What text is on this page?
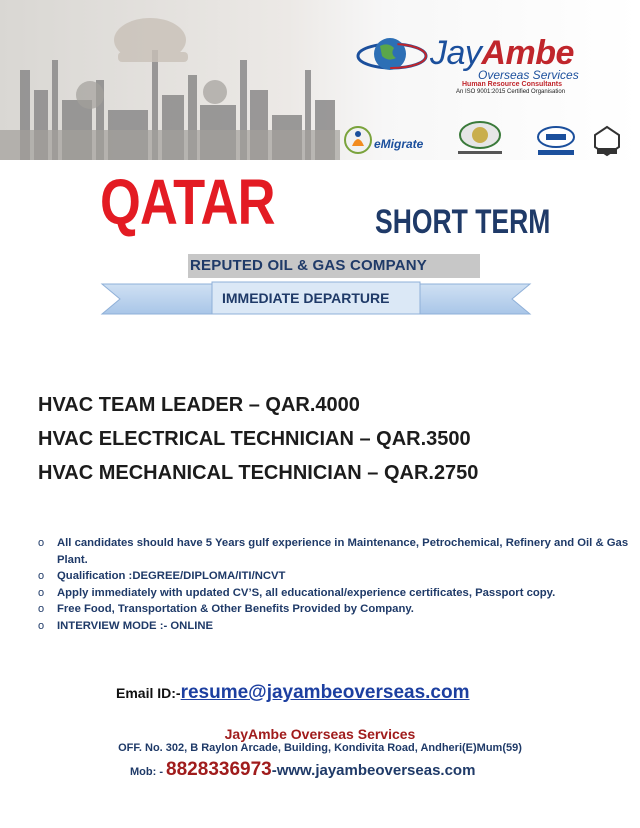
JayAmbe
Overseas Services
Human Resource Consultants
An ISO 9001:2015 Certified Organisation
eMigrate
QATAR	SHORT TERM
REPUTED OIL & GAS COMPANY
IMMEDIATE DEPARTURE
HVAC TEAM LEADER – QAR.4000
HVAC ELECTRICAL TECHNICIAN – QAR.3500
HVAC MECHANICAL TECHNICIAN – QAR.2750
o All candidates should have 5 Years gulf experience in Maintenance, Petrochemical, Refinery and Oil & Gas Plant.
o Qualification :DEGREE/DIPLOMA/ITI/NCVT
o Apply immediately with updated CV’S, all educational/experience certificates, Passport copy.
o Free Food, Transportation & Other Benefits Provided by Company.
o INTERVIEW MODE :- ONLINE
Email ID:-resume@jayambeoverseas.com
JayAmbe Overseas Services
OFF. No. 302, B Raylon Arcade, Building, Kondivita Road, Andheri(E)Mum(59)
Mob: - 8828336973-www.jayambeoverseas.com
